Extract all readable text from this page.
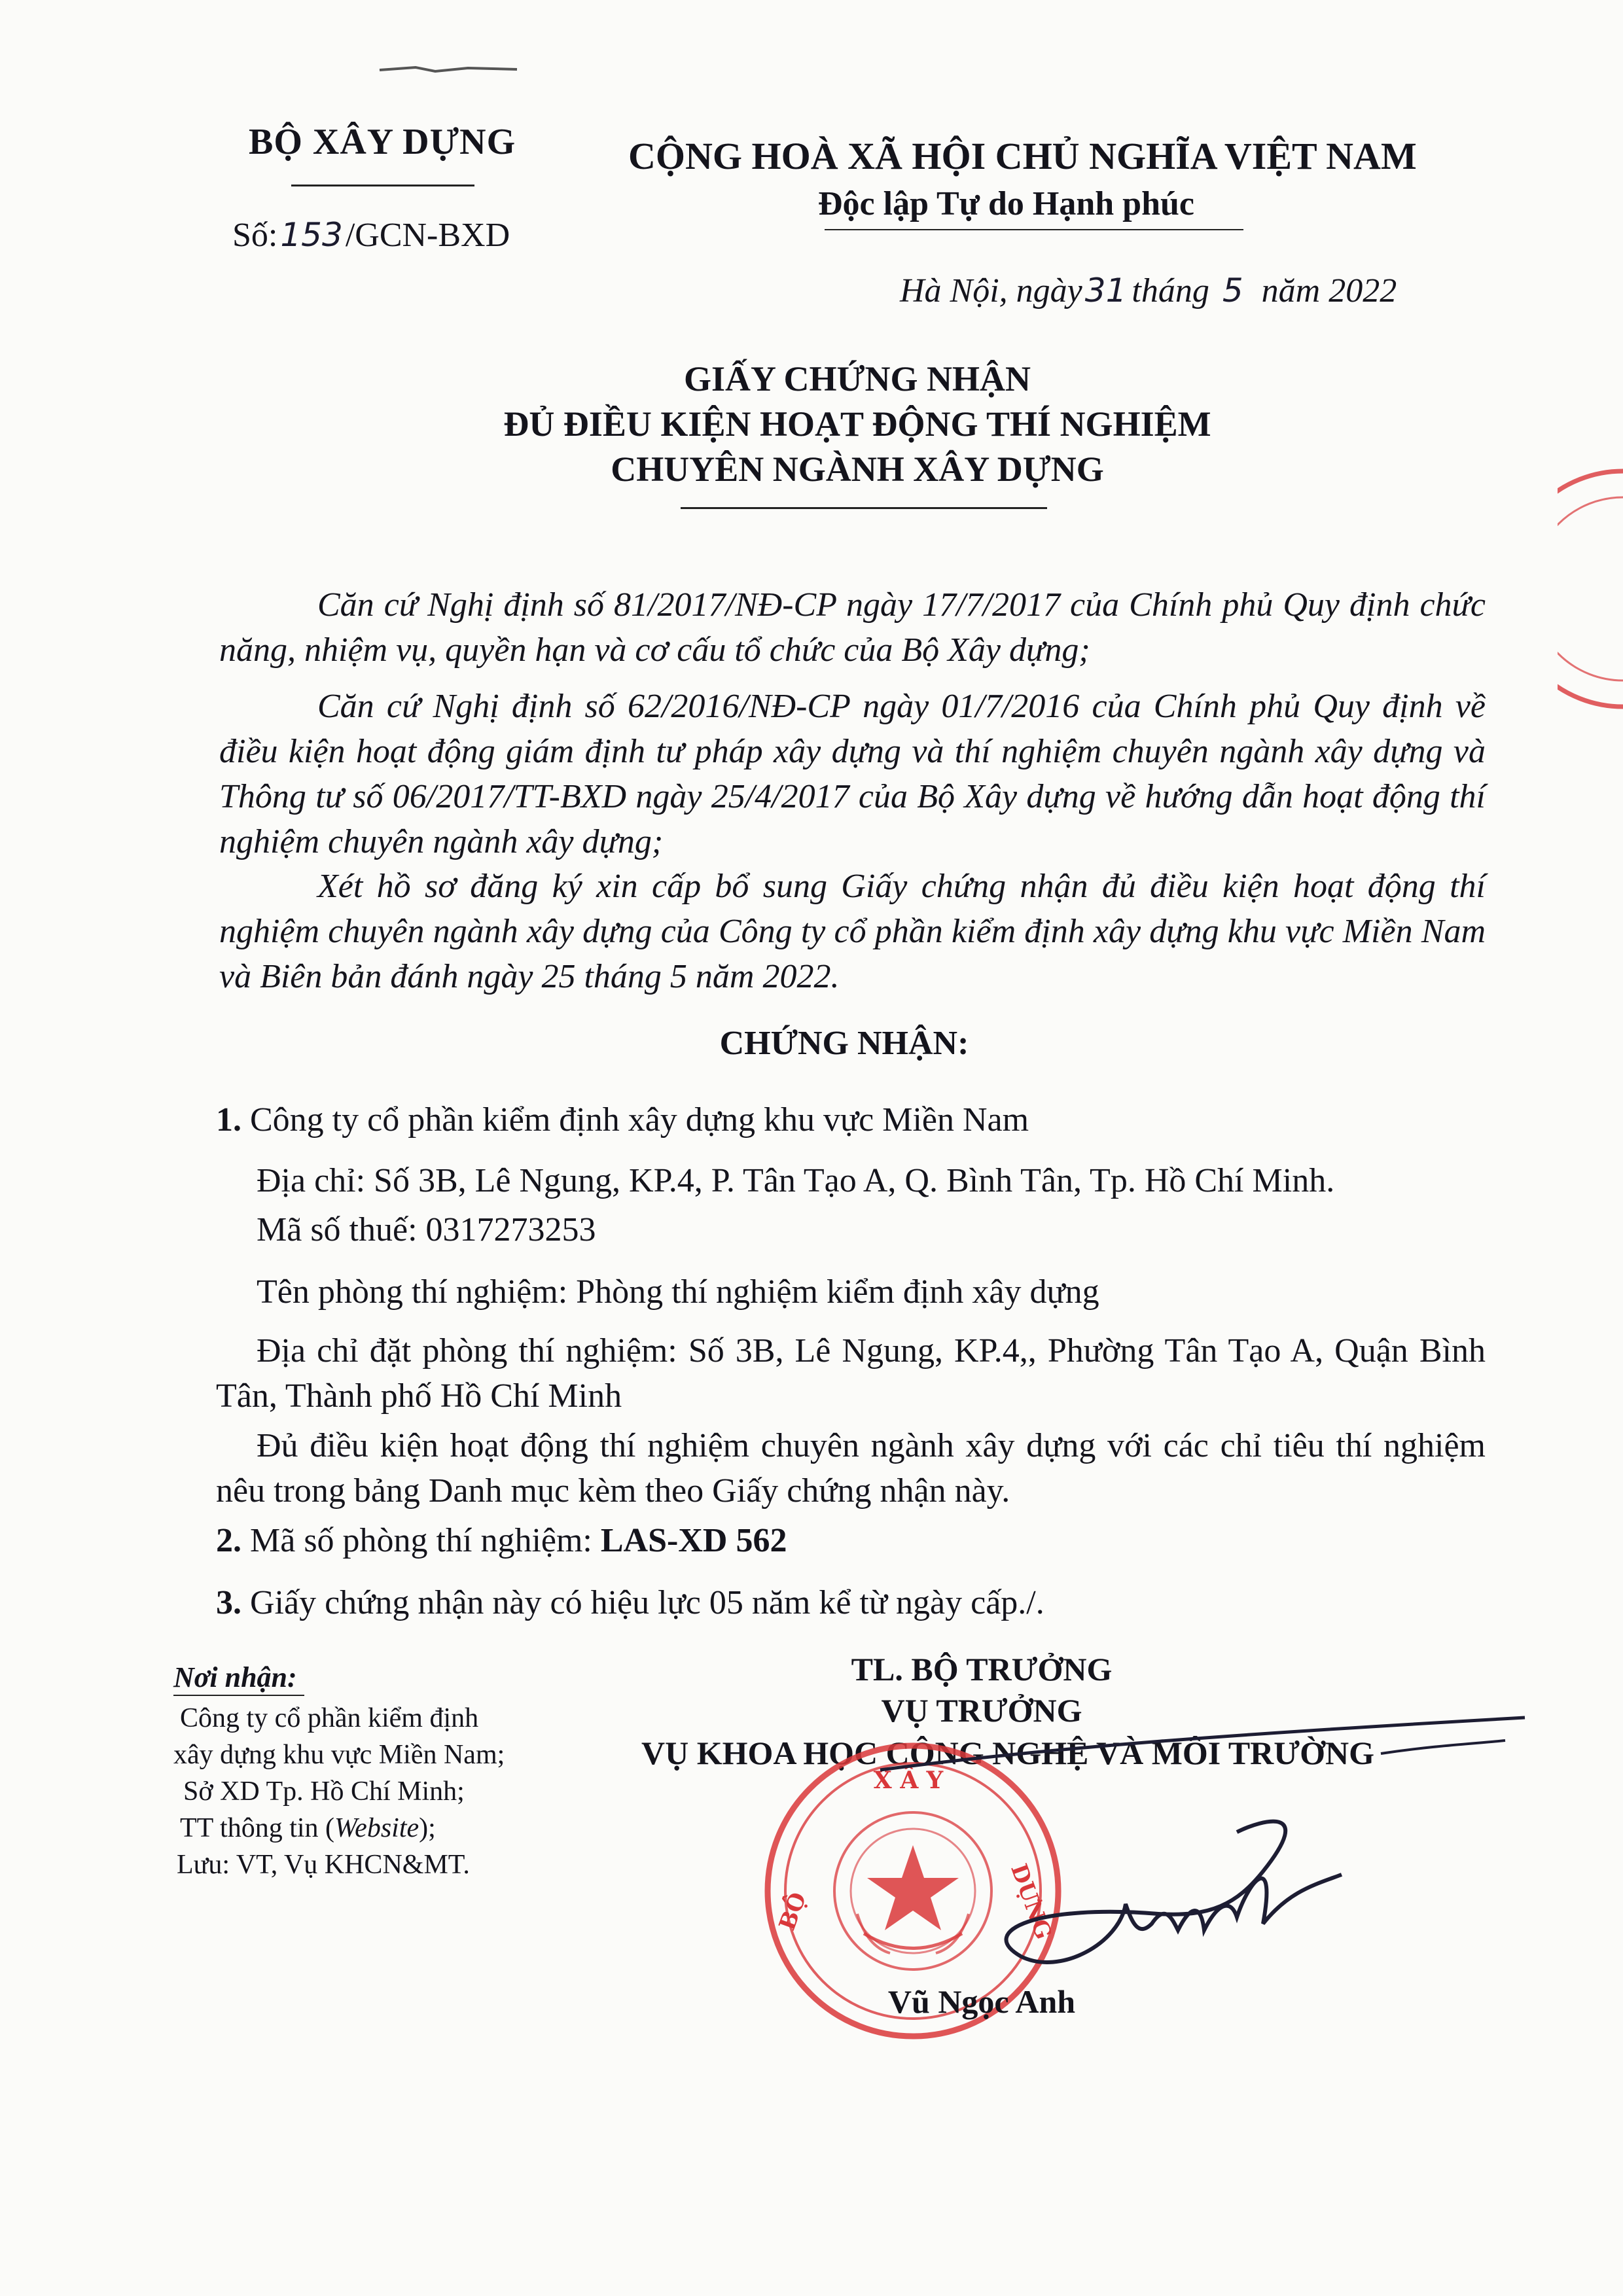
BỘ XÂY DỰNG
Số:153/GCN-BXD
CỘNG HOÀ XÃ HỘI CHỦ NGHĨA VIỆT NAM
Độc lập Tự do Hạnh phúc
Hà Nội, ngày31 tháng 5 năm 2022
GIẤY CHỨNG NHẬN
ĐỦ ĐIỀU KIỆN HOẠT ĐỘNG THÍ NGHIỆM
CHUYÊN NGÀNH XÂY DỰNG
Căn cứ Nghị định số 81/2017/NĐ-CP ngày 17/7/2017 của Chính phủ Quy định chức năng, nhiệm vụ, quyền hạn và cơ cấu tổ chức của Bộ Xây dựng;
Căn cứ Nghị định số 62/2016/NĐ-CP ngày 01/7/2016 của Chính phủ Quy định về điều kiện hoạt động giám định tư pháp xây dựng và thí nghiệm chuyên ngành xây dựng và Thông tư số 06/2017/TT-BXD ngày 25/4/2017 của Bộ Xây dựng về hướng dẫn hoạt động thí nghiệm chuyên ngành xây dựng;
Xét hồ sơ đăng ký xin cấp bổ sung Giấy chứng nhận đủ điều kiện hoạt động thí nghiệm chuyên ngành xây dựng của Công ty cổ phần kiểm định xây dựng khu vực Miền Nam và Biên bản đánh ngày 25 tháng 5 năm 2022.
CHỨNG NHẬN:
1. Công ty cổ phần kiểm định xây dựng khu vực Miền Nam
Địa chỉ: Số 3B, Lê Ngung, KP.4, P. Tân Tạo A, Q. Bình Tân, Tp. Hồ Chí Minh.
Mã số thuế: 0317273253
Tên phòng thí nghiệm: Phòng thí nghiệm kiểm định xây dựng
Địa chỉ đặt phòng thí nghiệm: Số 3B, Lê Ngung, KP.4,, Phường Tân Tạo A, Quận Bình Tân, Thành phố Hồ Chí Minh
Đủ điều kiện hoạt động thí nghiệm chuyên ngành xây dựng với các chỉ tiêu thí nghiệm nêu trong bảng Danh mục kèm theo Giấy chứng nhận này.
2. Mã số phòng thí nghiệm: LAS-XD 562
3. Giấy chứng nhận này có hiệu lực 05 năm kể từ ngày cấp./.
Nơi nhận:
Công ty cổ phần kiểm định
xây dựng khu vực Miền Nam;
Sở XD Tp. Hồ Chí Minh;
TT thông tin (Website);
Lưu: VT, Vụ KHCN&MT.
TL. BỘ TRƯỞNG
VỤ TRƯỞNG
VỤ KHOA HỌC CÔNG NGHỆ VÀ MÔI TRƯỜNG
XÂY
BỘ	DỰNG
Vũ Ngọc Anh
